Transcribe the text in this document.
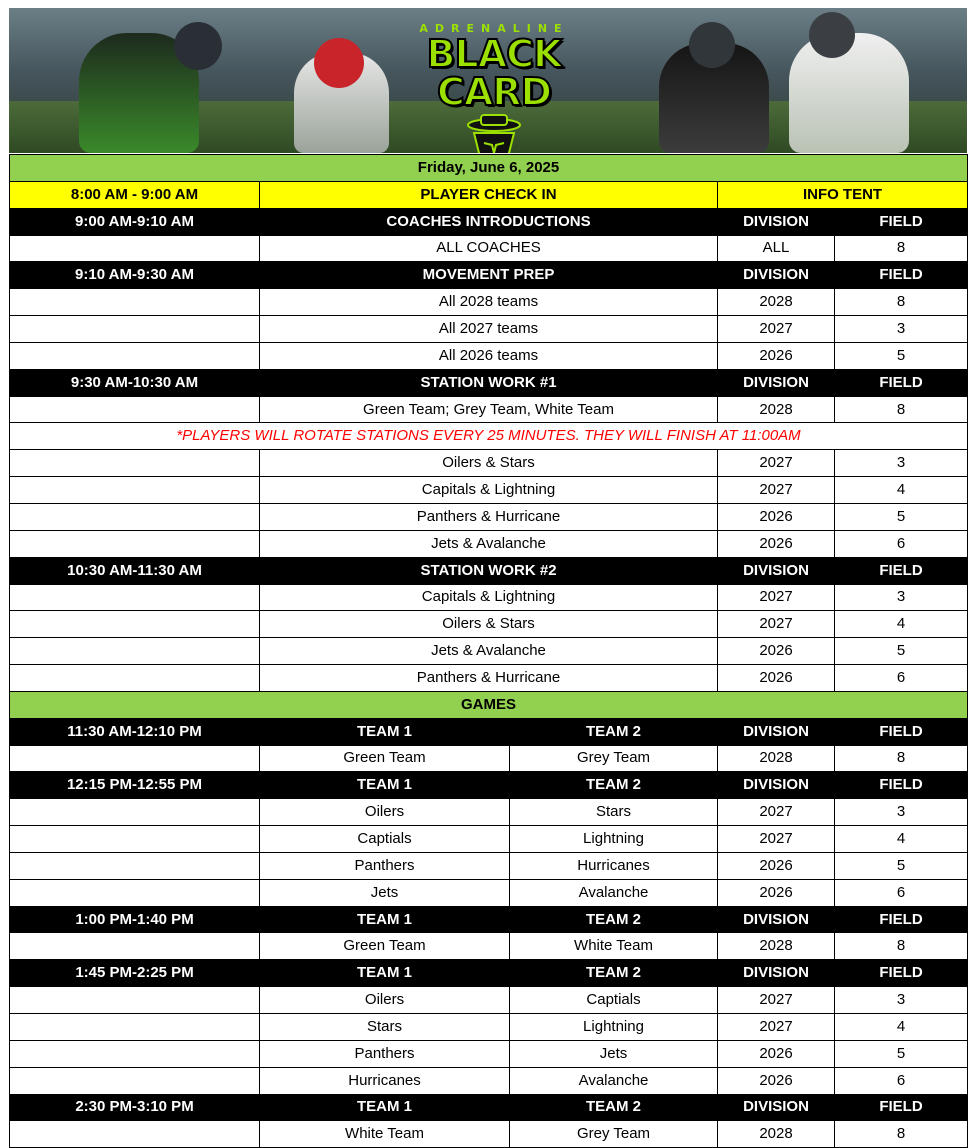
ADRENALINE
BLACK CARD
Friday, June 6, 2025				
8:00 AM - 9:00 AM	PLAYER CHECK IN		INFO TENT	
9:00 AM-9:10 AM	COACHES INTRODUCTIONS		DIVISION	FIELD
	ALL COACHES		ALL	8
9:10 AM-9:30 AM	MOVEMENT PREP		DIVISION	FIELD
	All 2028 teams		2028	8
	All 2027 teams		2027	3
	All 2026 teams		2026	5
9:30 AM-10:30 AM	STATION WORK #1		DIVISION	FIELD
	Green Team; Grey Team, White Team		2028	8
*PLAYERS WILL ROTATE STATIONS EVERY 25 MINUTES. THEY WILL FINISH AT 11:00AM				
	Oilers & Stars		2027	3
	Capitals & Lightning		2027	4
	Panthers & Hurricane		2026	5
	Jets & Avalanche		2026	6
10:30 AM-11:30 AM	STATION WORK #2		DIVISION	FIELD
	Capitals & Lightning		2027	3
	Oilers & Stars		2027	4
	Jets & Avalanche		2026	5
	Panthers & Hurricane		2026	6
GAMES				
11:30 AM-12:10 PM	TEAM 1	TEAM 2	DIVISION	FIELD
	Green Team	Grey Team	2028	8
12:15 PM-12:55 PM	TEAM 1	TEAM 2	DIVISION	FIELD
	Oilers	Stars	2027	3
	Captials	Lightning	2027	4
	Panthers	Hurricanes	2026	5
	Jets	Avalanche	2026	6
1:00 PM-1:40 PM	TEAM 1	TEAM 2	DIVISION	FIELD
	Green Team	White Team	2028	8
1:45 PM-2:25 PM	TEAM 1	TEAM 2	DIVISION	FIELD
	Oilers	Captials	2027	3
	Stars	Lightning	2027	4
	Panthers	Jets	2026	5
	Hurricanes	Avalanche	2026	6
2:30 PM-3:10 PM	TEAM 1	TEAM 2	DIVISION	FIELD
	White Team	Grey Team	2028	8
